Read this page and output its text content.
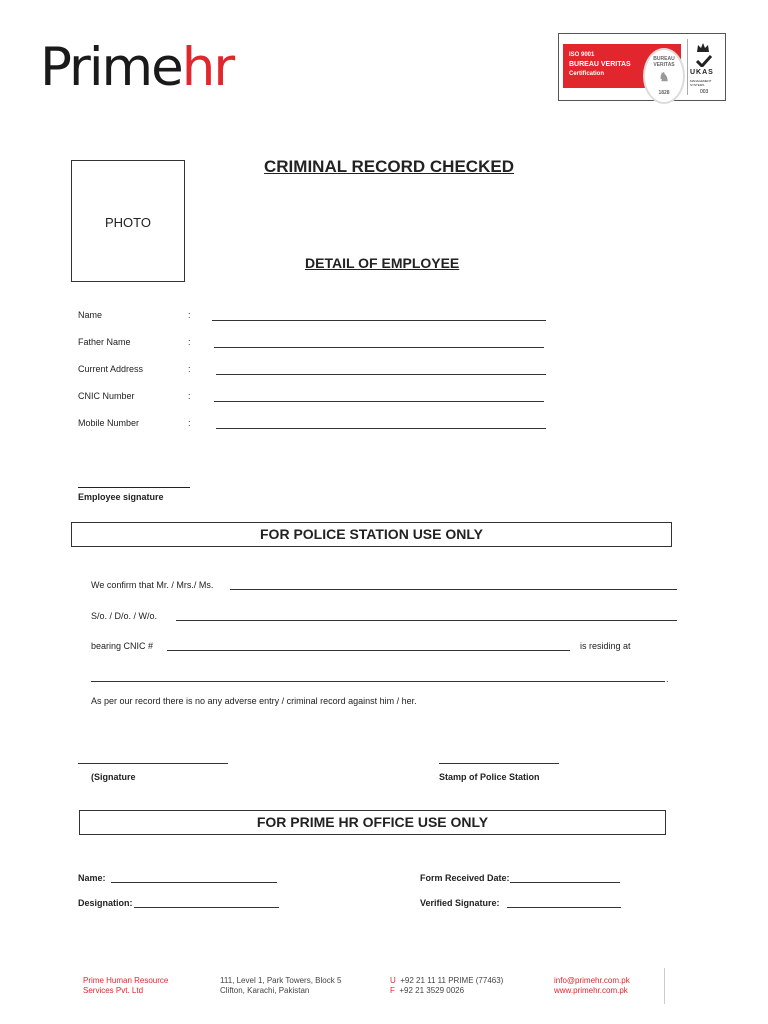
Primehr	ISO 9001
BUREAU VERITAS
Certification
BUREAU VERITAS
♞
1828
UKAS
MANAGEMENT SYSTEMS
003
CRIMINAL RECORD CHECKED
PHOTO
DETAIL OF EMPLOYEE
Name	:
Father Name	:
Current Address	:
CNIC Number	:
Mobile Number	:
Employee signature
FOR POLICE STATION USE ONLY
We confirm that Mr. / Mrs./ Ms.
S/o. / D/o. / W/o.
bearing CNIC #	is residing at
.
As per our record there is no any adverse entry / criminal record against him / her.
(Signature	Stamp of Police Station
FOR PRIME HR OFFICE USE ONLY
Name:
Designation:
Form Received Date:
Verified Signature:
Prime Human Resource
Services Pvt. Ltd
111, Level 1, Park Towers, Block 5
Clifton, Karachi, Pakistan
U +92 21 11 11 PRIME (77463)
F +92 21 3529 0026
info@primehr.com.pk
www.primehr.com.pk
